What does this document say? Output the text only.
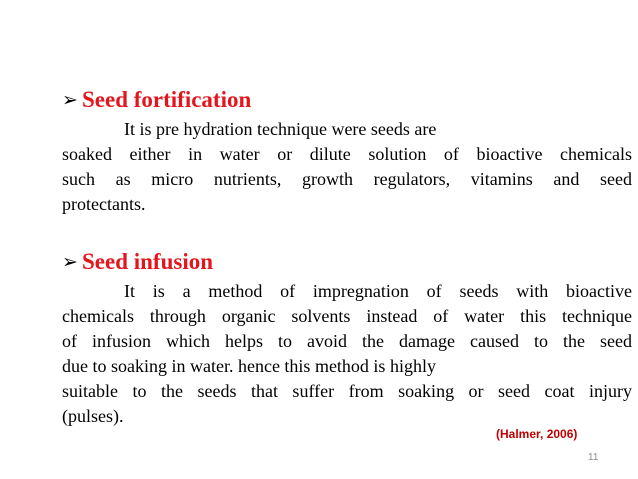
➢ Seed fortification
It is pre hydration technique were seeds are
soaked either in water or dilute solution of bioactive chemicals
such as micro nutrients, growth regulators, vitamins and seed
protectants.
➢ Seed infusion
It is a method of impregnation of seeds with bioactive
chemicals through organic solvents instead of water this technique
of infusion which helps to avoid the damage caused to the seed
due to soaking in water. hence this method is highly
suitable to the seeds that suffer from soaking or seed coat injury
(pulses).
(Halmer, 2006)
11
